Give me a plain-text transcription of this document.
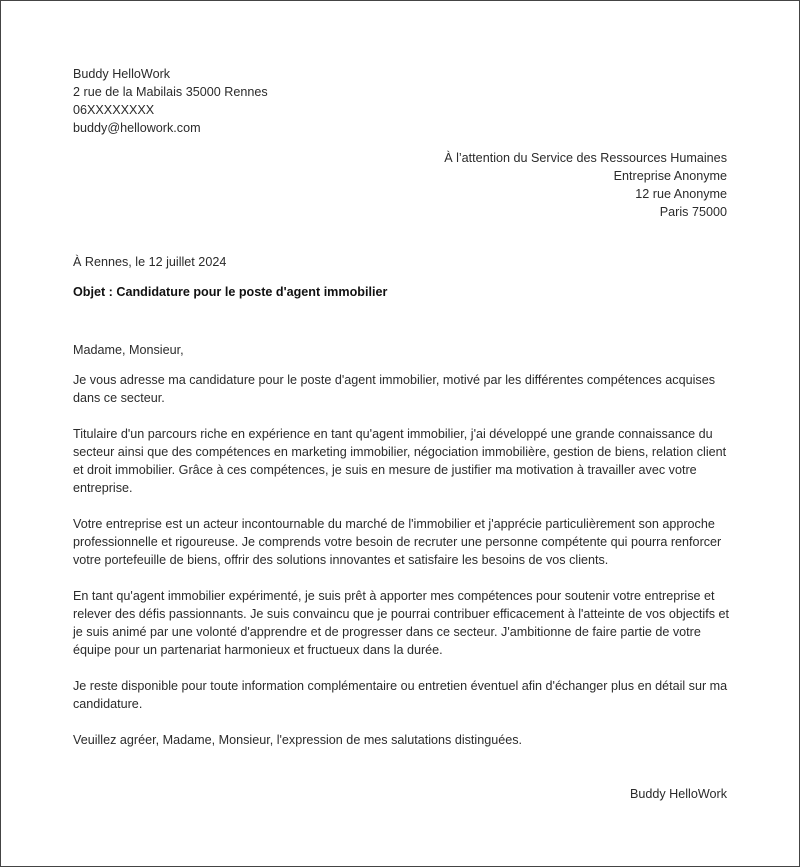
Buddy HelloWork
2 rue de la Mabilais 35000 Rennes
06XXXXXXXX
buddy@hellowork.com
À l’attention du Service des Ressources Humaines
Entreprise Anonyme
12 rue Anonyme
Paris 75000
À Rennes, le 12 juillet 2024
Objet : Candidature pour le poste d'agent immobilier
Madame, Monsieur,

Je vous adresse ma candidature pour le poste d'agent immobilier, motivé par les différentes compétences acquises dans ce secteur.

Titulaire d'un parcours riche en expérience en tant qu'agent immobilier, j'ai développé une grande connaissance du secteur ainsi que des compétences en marketing immobilier, négociation immobilière, gestion de biens, relation client et droit immobilier. Grâce à ces compétences, je suis en mesure de justifier ma motivation à travailler avec votre entreprise.

Votre entreprise est un acteur incontournable du marché de l'immobilier et j'apprécie particulièrement son approche professionnelle et rigoureuse. Je comprends votre besoin de recruter une personne compétente qui pourra renforcer votre portefeuille de biens, offrir des solutions innovantes et satisfaire les besoins de vos clients.

En tant qu'agent immobilier expérimenté, je suis prêt à apporter mes compétences pour soutenir votre entreprise et relever des défis passionnants. Je suis convaincu que je pourrai contribuer efficacement à l'atteinte de vos objectifs et je suis animé par une volonté d'apprendre et de progresser dans ce secteur. J'ambitionne de faire partie de votre équipe pour un partenariat harmonieux et fructueux dans la durée.

Je reste disponible pour toute information complémentaire ou entretien éventuel afin d'échanger plus en détail sur ma candidature.

Veuillez agréer, Madame, Monsieur, l'expression de mes salutations distinguées.

Buddy HelloWork
